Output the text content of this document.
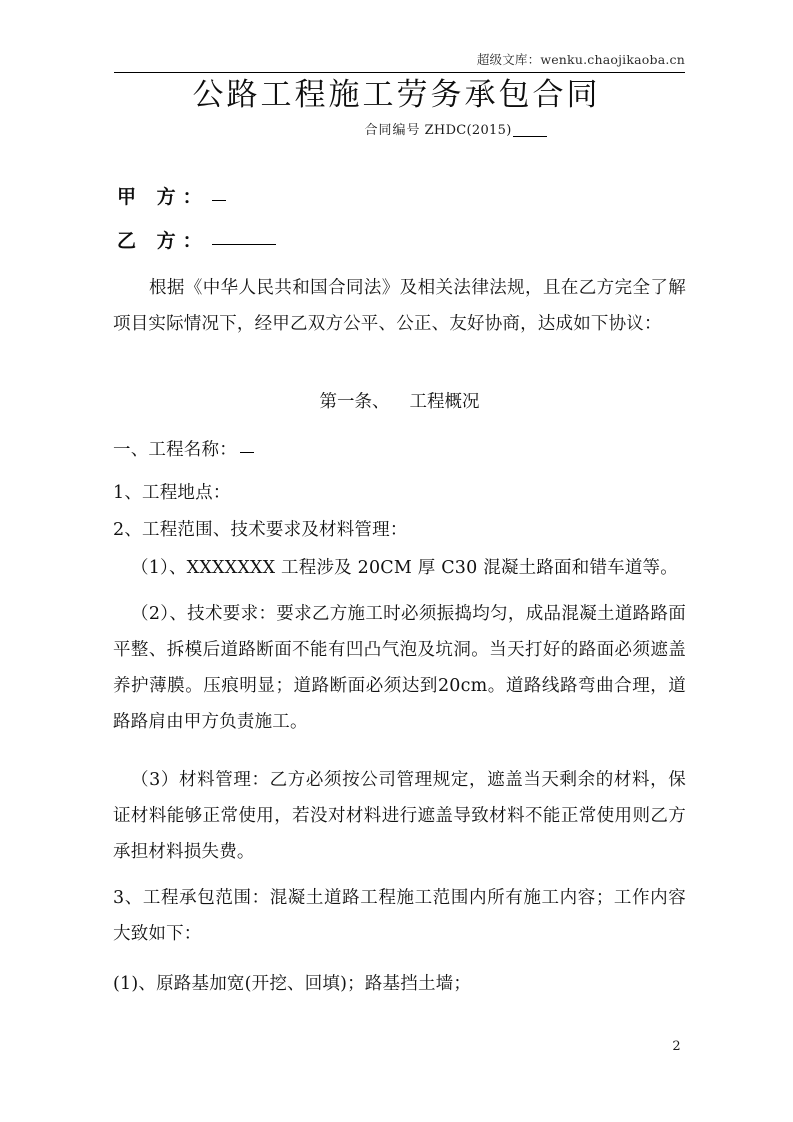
超级文库：wenku.chaojikaoba.cn
公路工程施工劳务承包合同
合同编号 ZHDC(2015)
甲 方：
乙 方：
根据《中华人民共和国合同法》及相关法律法规，且在乙方完全了解项目实际情况下，经甲乙双方公平、公正、友好协商，达成如下协议：
第一条、 工程概况
一、工程名称：
1、工程地点：
2、工程范围、技术要求及材料管理：
（1）、XXXXXXX 工程涉及 20CM 厚 C30 混凝土路面和错车道等。
（2）、技术要求：要求乙方施工时必须振捣均匀，成品混凝土道路路面平整、拆模后道路断面不能有凹凸气泡及坑洞。当天打好的路面必须遮盖养护薄膜。压痕明显；道路断面必须达到20cm。道路线路弯曲合理，道路路肩由甲方负责施工。
（3）材料管理：乙方必须按公司管理规定，遮盖当天剩余的材料，保证材料能够正常使用，若没对材料进行遮盖导致材料不能正常使用则乙方承担材料损失费。
3、工程承包范围：混凝土道路工程施工范围内所有施工内容；工作内容大致如下：
(1)、原路基加宽(开挖、回填)；路基挡土墙；
2
